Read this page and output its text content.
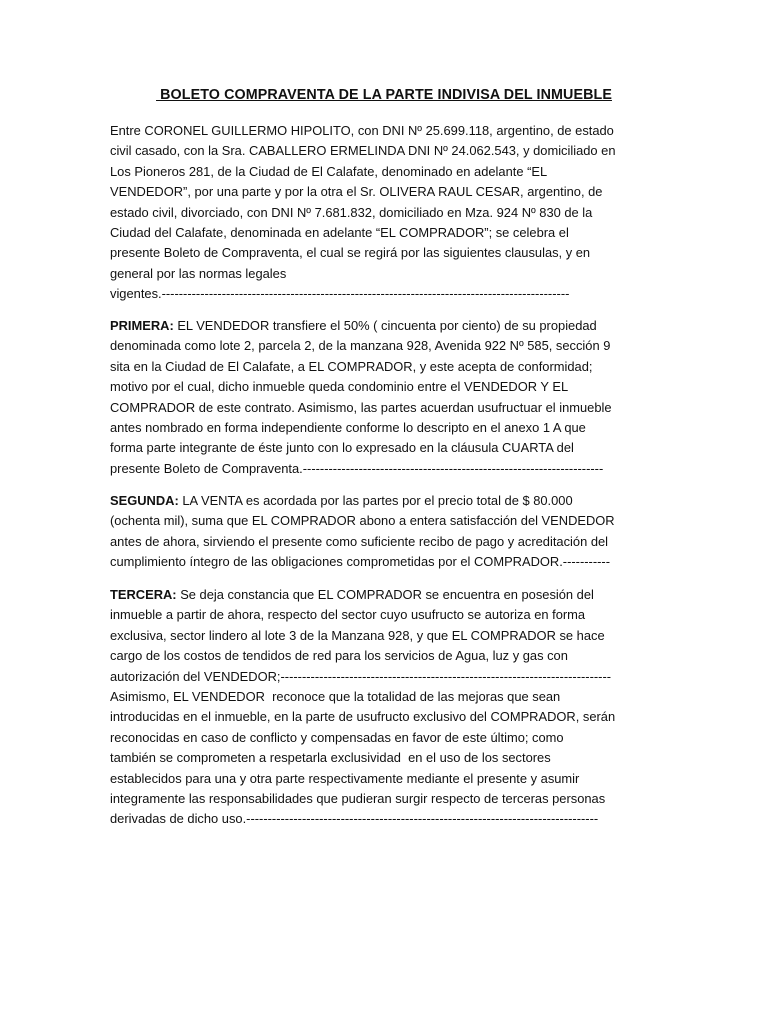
BOLETO COMPRAVENTA DE LA PARTE INDIVISA DEL INMUEBLE
Entre CORONEL GUILLERMO HIPOLITO, con DNI Nº 25.699.118, argentino, de estado
civil casado, con la Sra. CABALLERO ERMELINDA DNI Nº 24.062.543, y domiciliado en
Los Pioneros 281, de la Ciudad de El Calafate, denominado en adelante “EL
VENDEDOR”, por una parte y por la otra el Sr. OLIVERA RAUL CESAR, argentino, de
estado civil, divorciado, con DNI Nº 7.681.832, domiciliado en Mza. 924 Nº 830 de la
Ciudad del Calafate, denominada en adelante “EL COMPRADOR”; se celebra el
presente Boleto de Compraventa, el cual se regirá por las siguientes clausulas, y en
general por las normas legales
vigentes.-----------------------------------------------------------------------------------------------
PRIMERA: EL VENDEDOR transfiere el 50% ( cincuenta por ciento) de su propiedad
denominada como lote 2, parcela 2, de la manzana 928, Avenida 922 Nº 585, sección 9
sita en la Ciudad de El Calafate, a EL COMPRADOR, y este acepta de conformidad;
motivo por el cual, dicho inmueble queda condominio entre el VENDEDOR Y EL
COMPRADOR de este contrato. Asimismo, las partes acuerdan usufructuar el inmueble
antes nombrado en forma independiente conforme lo descripto en el anexo 1 A que
forma parte integrante de éste junto con lo expresado en la cláusula CUARTA del
presente Boleto de Compraventa.----------------------------------------------------------------------
SEGUNDA: LA VENTA es acordada por las partes por el precio total de $ 80.000
(ochenta mil), suma que EL COMPRADOR abono a entera satisfacción del VENDEDOR
antes de ahora, sirviendo el presente como suficiente recibo de pago y acreditación del
cumplimiento íntegro de las obligaciones comprometidas por el COMPRADOR.-----------
TERCERA: Se deja constancia que EL COMPRADOR se encuentra en posesión del
inmueble a partir de ahora, respecto del sector cuyo usufructo se autoriza en forma
exclusiva, sector lindero al lote 3 de la Manzana 928, y que EL COMPRADOR se hace
cargo de los costos de tendidos de red para los servicios de Agua, luz y gas con
autorización del VENDEDOR;-----------------------------------------------------------------------------
Asimismo, EL VENDEDOR  reconoce que la totalidad de las mejoras que sean
introducidas en el inmueble, en la parte de usufructo exclusivo del COMPRADOR, serán
reconocidas en caso de conflicto y compensadas en favor de este último; como
también se comprometen a respetarla exclusividad  en el uso de los sectores
establecidos para una y otra parte respectivamente mediante el presente y asumir
integramente las responsabilidades que pudieran surgir respecto de terceras personas
derivadas de dicho uso.----------------------------------------------------------------------------------
